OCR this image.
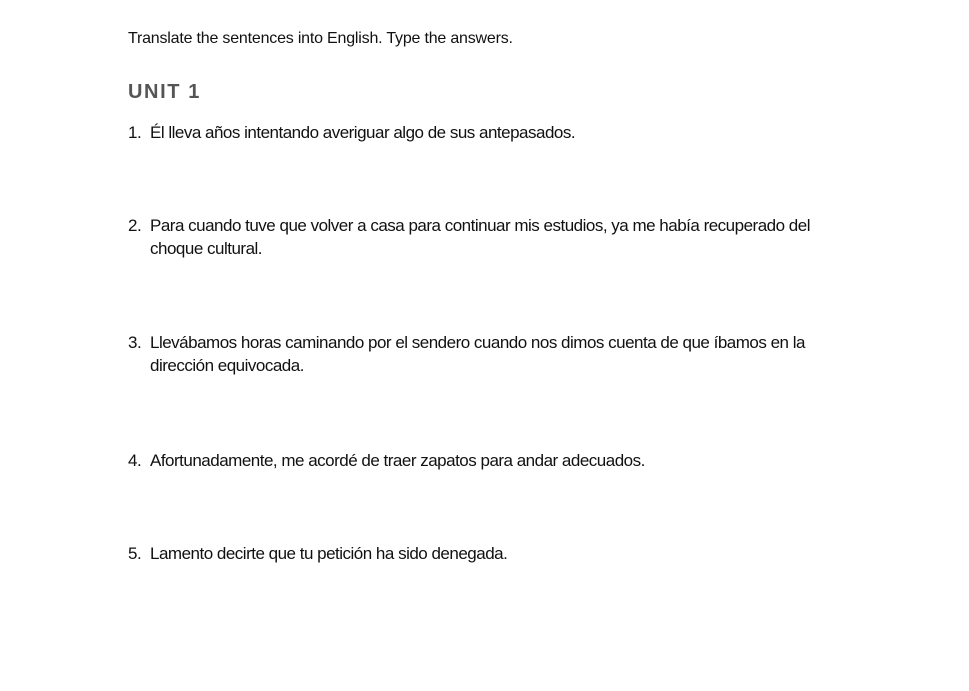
Translate the sentences into English. Type the answers.
UNIT 1
1. Él lleva años intentando averiguar algo de sus antepasados.
2. Para cuando tuve que volver a casa para continuar mis estudios, ya me había recuperado del choque cultural.
3. Llevábamos horas caminando por el sendero cuando nos dimos cuenta de que íbamos en la dirección equivocada.
4. Afortunadamente, me acordé de traer zapatos para andar adecuados.
5. Lamento decirte que tu petición ha sido denegada.
